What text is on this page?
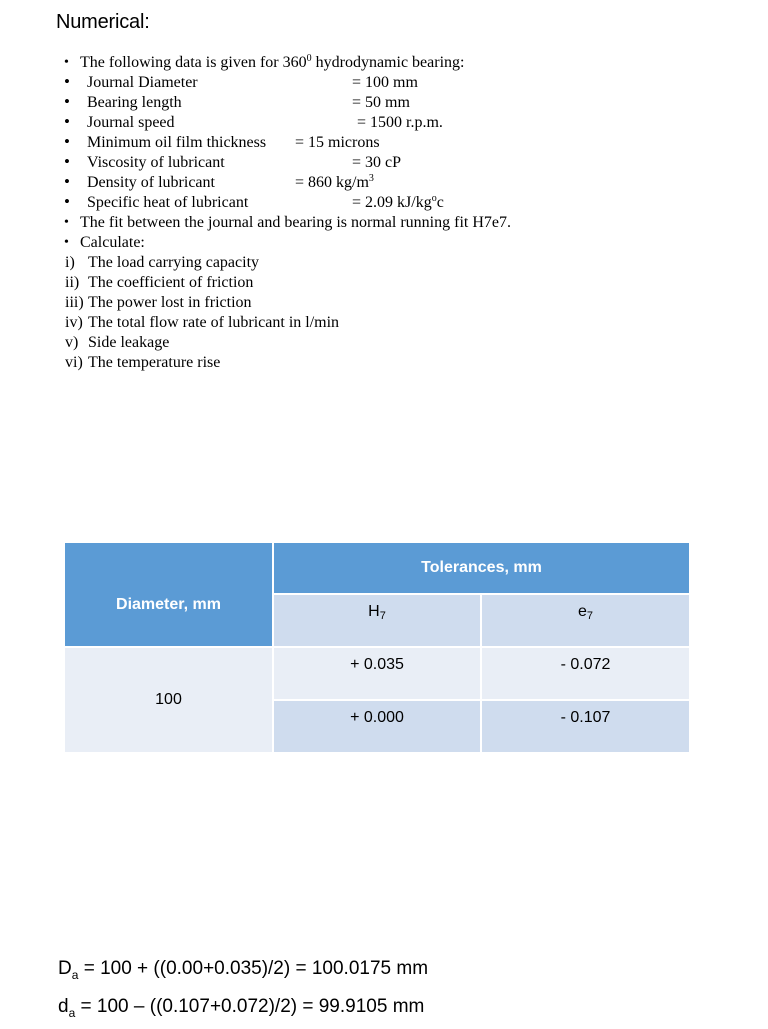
Numerical:
• The following data is given for $360^0$ hydrodynamic bearing:
• Journal Diameter	= 100 mm
• Bearing length	= 50 mm
• Journal speed	= 1500 r.p.m.
• Minimum oil film thickness = 15 microns
• Viscosity of lubricant	= 30 cP
• Density of lubricant	= 860 $kg/m^3$
• Specific heat of lubricant	= 2.09 $kJ/kg^oc$
• The fit between the journal and bearing is normal running fit H7e7.
• Calculate:
i) The load carrying capacity
ii) The coefficient of friction
iii) The power lost in friction
iv) The total flow rate of lubricant in l/min
v) Side leakage
vi) The temperature rise
Diameter, mm	Tolerances, mm	
	H7	e7
100	+ 0.035	- 0.072
	+ 0.000	- 0.107
$D_a = 100 + ((0.00+0.035)/2) = 100.0175$ mm
$d_a = 100 - ((0.107+0.072)/2) = 99.9105$ mm
